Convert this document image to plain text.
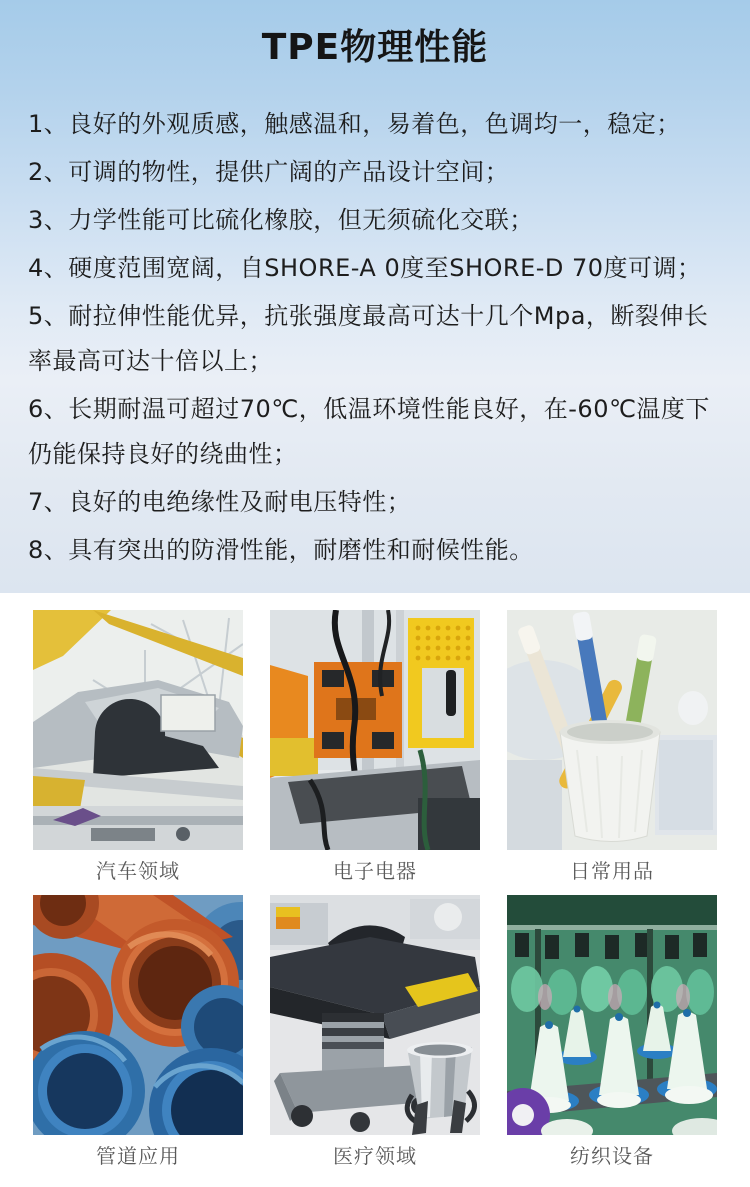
TPE物理性能

1、良好的外观质感，触感温和，易着色，色调均一，稳定；

2、可调的物性，提供广阔的产品设计空间；

3、力学性能可比硫化橡胶，但无须硫化交联；

4、硬度范围宽阔，自SHORE-A 0度至SHORE-D 70度可调；

5、耐拉伸性能优异，抗张强度最高可达十几个Mpa，断裂伸长率最高可达十倍以上；

6、长期耐温可超过70℃，低温环境性能良好，在-60℃温度下仍能保持良好的绕曲性；

7、良好的电绝缘性及耐电压特性；

8、具有突出的防滑性能，耐磨性和耐候性能。

汽车领域	电子电器	日常用品
管道应用	医疗领域	纺织设备
